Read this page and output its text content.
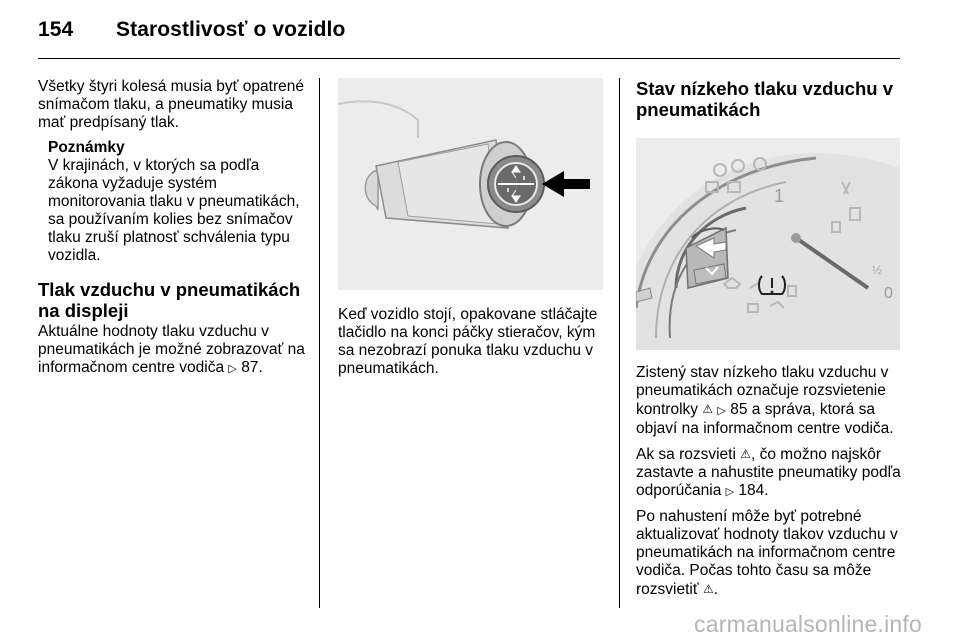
154 Starostlivosť o vozidlo

Všetky štyri kolesá musia byť opatrené snímačom tlaku, a pneumatiky musia mať predpísaný tlak.

Poznámky
V krajinách, v ktorých sa podľa zákona vyžaduje systém monitorovania tlaku v pneumatikách, sa používaním kolies bez snímačov tlaku zruší platnosť schválenia typu vozidla.
Tlak vzduchu v pneumatikách na displeji

Aktuálne hodnoty tlaku vzduchu v pneumatikách je možné zobrazovať na informačnom centre vodiča ▷ 87.

Keď vozidlo stojí, opakovane stláčajte tlačidlo na konci páčky stieračov, kým sa nezobrazí ponuka tlaku vzduchu v pneumatikách.

Stav nízkeho tlaku vzduchu v pneumatikách
1
0
½

Zistený stav nízkeho tlaku vzduchu v pneumatikách označuje rozsvietenie kontrolky ⚠ ▷ 85 a správa, ktorá sa objaví na informačnom centre vodiča.

Ak sa rozsvieti ⚠, čo možno najskôr zastavte a nahustite pneumatiky podľa odporúčania ▷ 184.

Po nahustení môže byť potrebné aktualizovať hodnoty tlakov vzduchu v pneumatikách na informačnom centre vodiča. Počas tohto času sa môže rozsvietiť ⚠.

carmanualsonline.info
